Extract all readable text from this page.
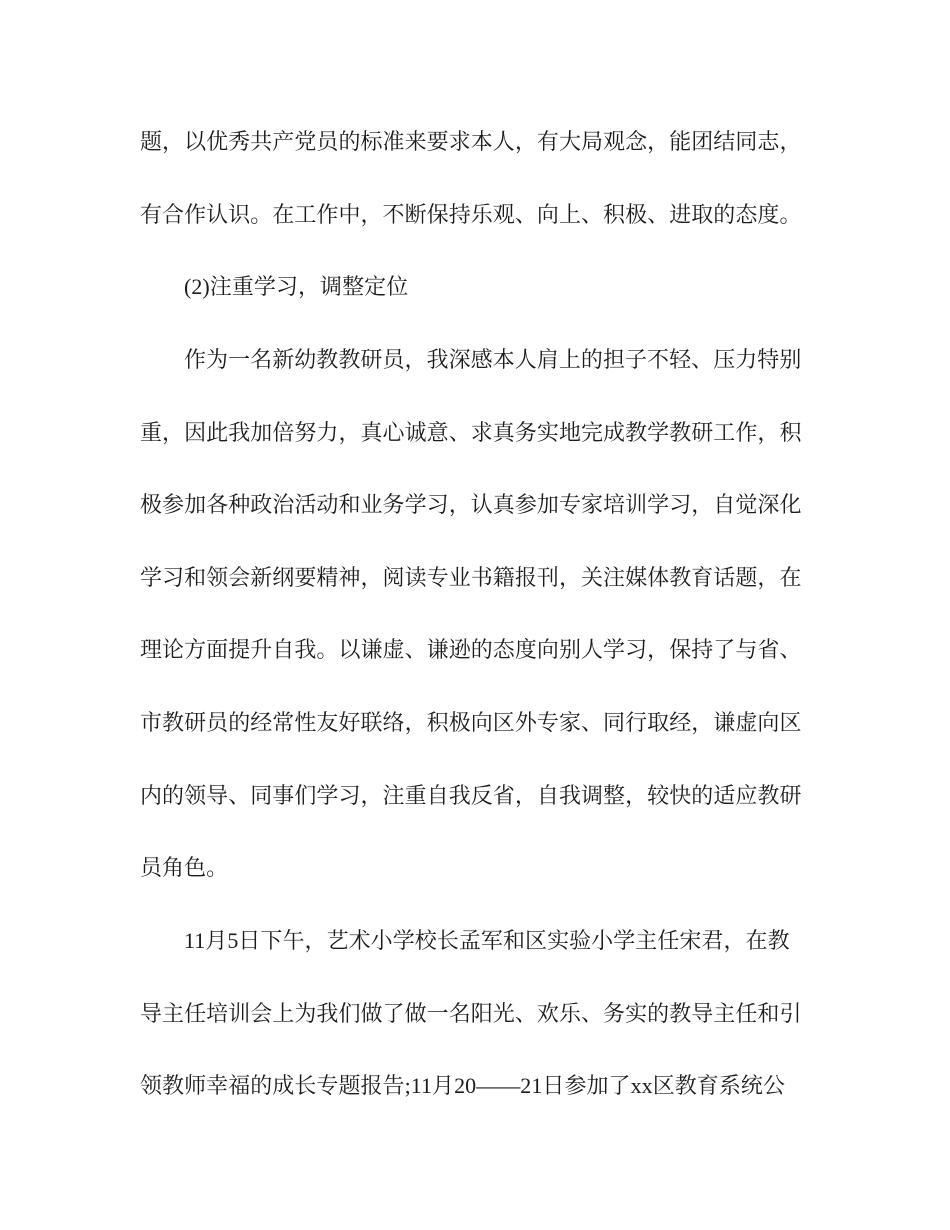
题，以优秀共产党员的标准来要求本人，有大局观念，能团结同志，
有合作认识。在工作中，不断保持乐观、向上、积极、进取的态度。
(2)注重学习，调整定位
作为一名新幼教教研员，我深感本人肩上的担子不轻、压力特别
重，因此我加倍努力，真心诚意、求真务实地完成教学教研工作，积
极参加各种政治活动和业务学习，认真参加专家培训学习，自觉深化
学习和领会新纲要精神，阅读专业书籍报刊，关注媒体教育话题，在
理论方面提升自我。以谦虚、谦逊的态度向别人学习，保持了与省、
市教研员的经常性友好联络，积极向区外专家、同行取经，谦虚向区
内的领导、同事们学习，注重自我反省，自我调整，较快的适应教研
员角色。
11月5日下午，艺术小学校长孟军和区实验小学主任宋君，在教
导主任培训会上为我们做了做一名阳光、欢乐、务实的教导主任和引
领教师幸福的成长专题报告;11月20——21日参加了xx区教育系统公
